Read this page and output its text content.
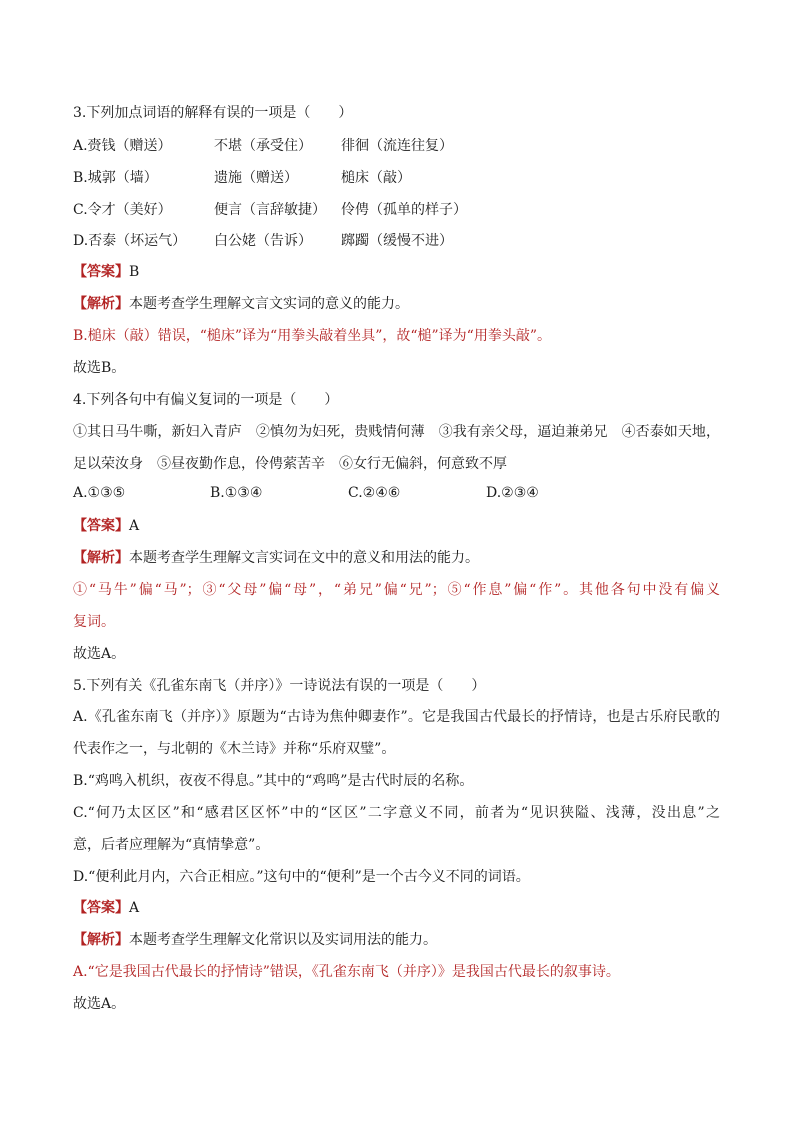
3.下列加点词语的解释有误的一项是（　　）
A.赍钱（赠送）	不堪（承受住） 徘徊（流连往复）
B.城郭（墙）	遗施（赠送）	槌床（敲）
C.令才（美好）	便言（言辞敏捷） 伶俜（孤单的样子）
D.否泰（坏运气） 白公姥（告诉） 踯躅（缓慢不进）
【答案】B
【解析】本题考查学生理解文言文实词的意义的能力。
B.槌床（敲）错误，“槌床”译为“用拳头敲着坐具”，故“槌”译为“用拳头敲”。
故选B。
4.下列各句中有偏义复词的一项是（　　）
①其日马牛嘶，新妇入青庐　②慎勿为妇死，贵贱情何薄　③我有亲父母，逼迫兼弟兄　④否泰如天地，
足以荣汝身　⑤昼夜勤作息，伶俜萦苦辛　⑥女行无偏斜，何意致不厚
A.①③⑤	B.①③④	C.②④⑥	D.②③④
【答案】A
【解析】本题考查学生理解文言实词在文中的意义和用法的能力。
①“马牛”偏“马”；③“父母”偏“母”，“弟兄”偏“兄”；⑤“作息”偏“作”。其他各句中没有偏义
复词。
故选A。
5.下列有关《孔雀东南飞（并序）》一诗说法有误的一项是（　　）
A.《孔雀东南飞（并序）》原题为“古诗为焦仲卿妻作”。它是我国古代最长的抒情诗，也是古乐府民歌的
代表作之一，与北朝的《木兰诗》并称“乐府双璧”。
B.“鸡鸣入机织，夜夜不得息。”其中的“鸡鸣”是古代时辰的名称。
C.“何乃太区区”和“感君区区怀”中的“区区”二字意义不同，前者为“见识狭隘、浅薄，没出息”之
意，后者应理解为“真情挚意”。
D.“便利此月内，六合正相应。”这句中的“便利”是一个古今义不同的词语。
【答案】A
【解析】本题考查学生理解文化常识以及实词用法的能力。
A.“它是我国古代最长的抒情诗”错误，《孔雀东南飞（并序）》是我国古代最长的叙事诗。
故选A。
